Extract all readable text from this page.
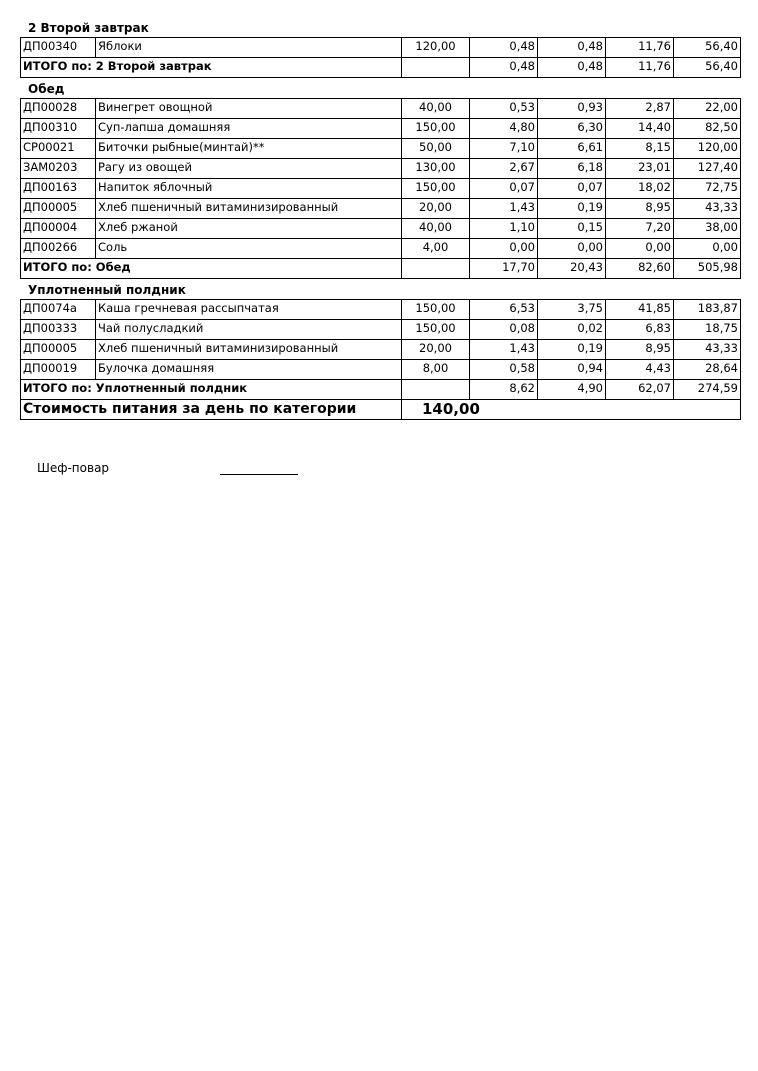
2 Второй завтрак
ДП00340	Яблоки	120,00	0,48	0,48	11,76	56,40
ИТОГО по: 2 Второй завтрак			0,48	0,48	11,76	56,40
Обед
ДП00028	Винегрет овощной	40,00	0,53	0,93	2,87	22,00
ДП00310	Суп-лапша домашняя	150,00	4,80	6,30	14,40	82,50
СР00021	Биточки рыбные(минтай)**	50,00	7,10	6,61	8,15	120,00
ЗАМ0203	Рагу из овощей	130,00	2,67	6,18	23,01	127,40
ДП00163	Напиток яблочный	150,00	0,07	0,07	18,02	72,75
ДП00005	Хлеб пшеничный витаминизированный	20,00	1,43	0,19	8,95	43,33
ДП00004	Хлеб ржаной	40,00	1,10	0,15	7,20	38,00
ДП00266	Соль	4,00	0,00	0,00	0,00	0,00
ИТОГО по: Обед			17,70	20,43	82,60	505,98
Уплотненный полдник
ДП0074а	Каша гречневая рассыпчатая	150,00	6,53	3,75	41,85	183,87
ДП00333	Чай полусладкий	150,00	0,08	0,02	6,83	18,75
ДП00005	Хлеб пшеничный витаминизированный	20,00	1,43	0,19	8,95	43,33
ДП00019	Булочка домашняя	8,00	0,58	0,94	4,43	28,64
ИТОГО по: Уплотненный полдник			8,62	4,90	62,07	274,59
Стоимость питания за день по категории		140,00				
Шеф-повар
